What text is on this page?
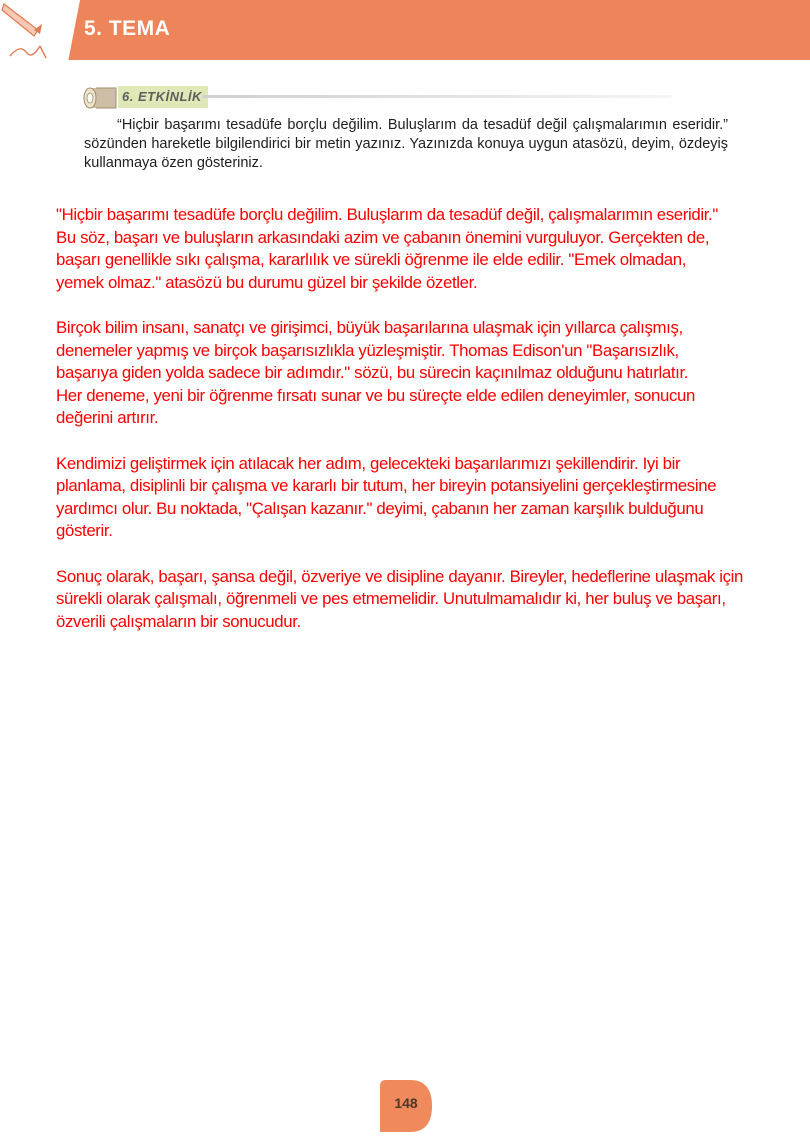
5. TEMA
6. ETKİNLİK
“Hiçbir başarımı tesadüfe borçlu değilim. Buluşlarım da tesadüf değil çalışmalarımın eseridir.” sözünden hareketle bilgilendirici bir metin yazınız. Yazınızda konuya uygun atasözü, deyim, özdeyiş kullanmaya özen gösteriniz.

"Hiçbir başarımı tesadüfe borçlu değilim. Buluşlarım da tesadüf değil, çalışmalarımın eseridir."
Bu söz, başarı ve buluşların arkasındaki azim ve çabanın önemini vurguluyor. Gerçekten de,
başarı genellikle sıkı çalışma, kararlılık ve sürekli öğrenme ile elde edilir. "Emek olmadan,
yemek olmaz." atasözü bu durumu güzel bir şekilde özetler.

Birçok bilim insanı, sanatçı ve girişimci, büyük başarılarına ulaşmak için yıllarca çalışmış,
denemeler yapmış ve birçok başarısızlıkla yüzleşmiştir. Thomas Edison'un "Başarısızlık,
başarıya giden yolda sadece bir adımdır." sözü, bu sürecin kaçınılmaz olduğunu hatırlatır.
Her deneme, yeni bir öğrenme fırsatı sunar ve bu süreçte elde edilen deneyimler, sonucun
değerini artırır.

Kendimizi geliştirmek için atılacak her adım, gelecekteki başarılarımızı şekillendirir. Iyi bir
planlama, disiplinli bir çalışma ve kararlı bir tutum, her bireyin potansiyelini gerçekleştirmesine
yardımcı olur. Bu noktada, "Çalışan kazanır." deyimi, çabanın her zaman karşılık bulduğunu
gösterir.

Sonuç olarak, başarı, şansa değil, özveriye ve disipline dayanır. Bireyler, hedeflerine ulaşmak için
sürekli olarak çalışmalı, öğrenmeli ve pes etmemelidir. Unutulmamalıdır ki, her buluş ve başarı,
özverili çalışmaların bir sonucudur.

148
